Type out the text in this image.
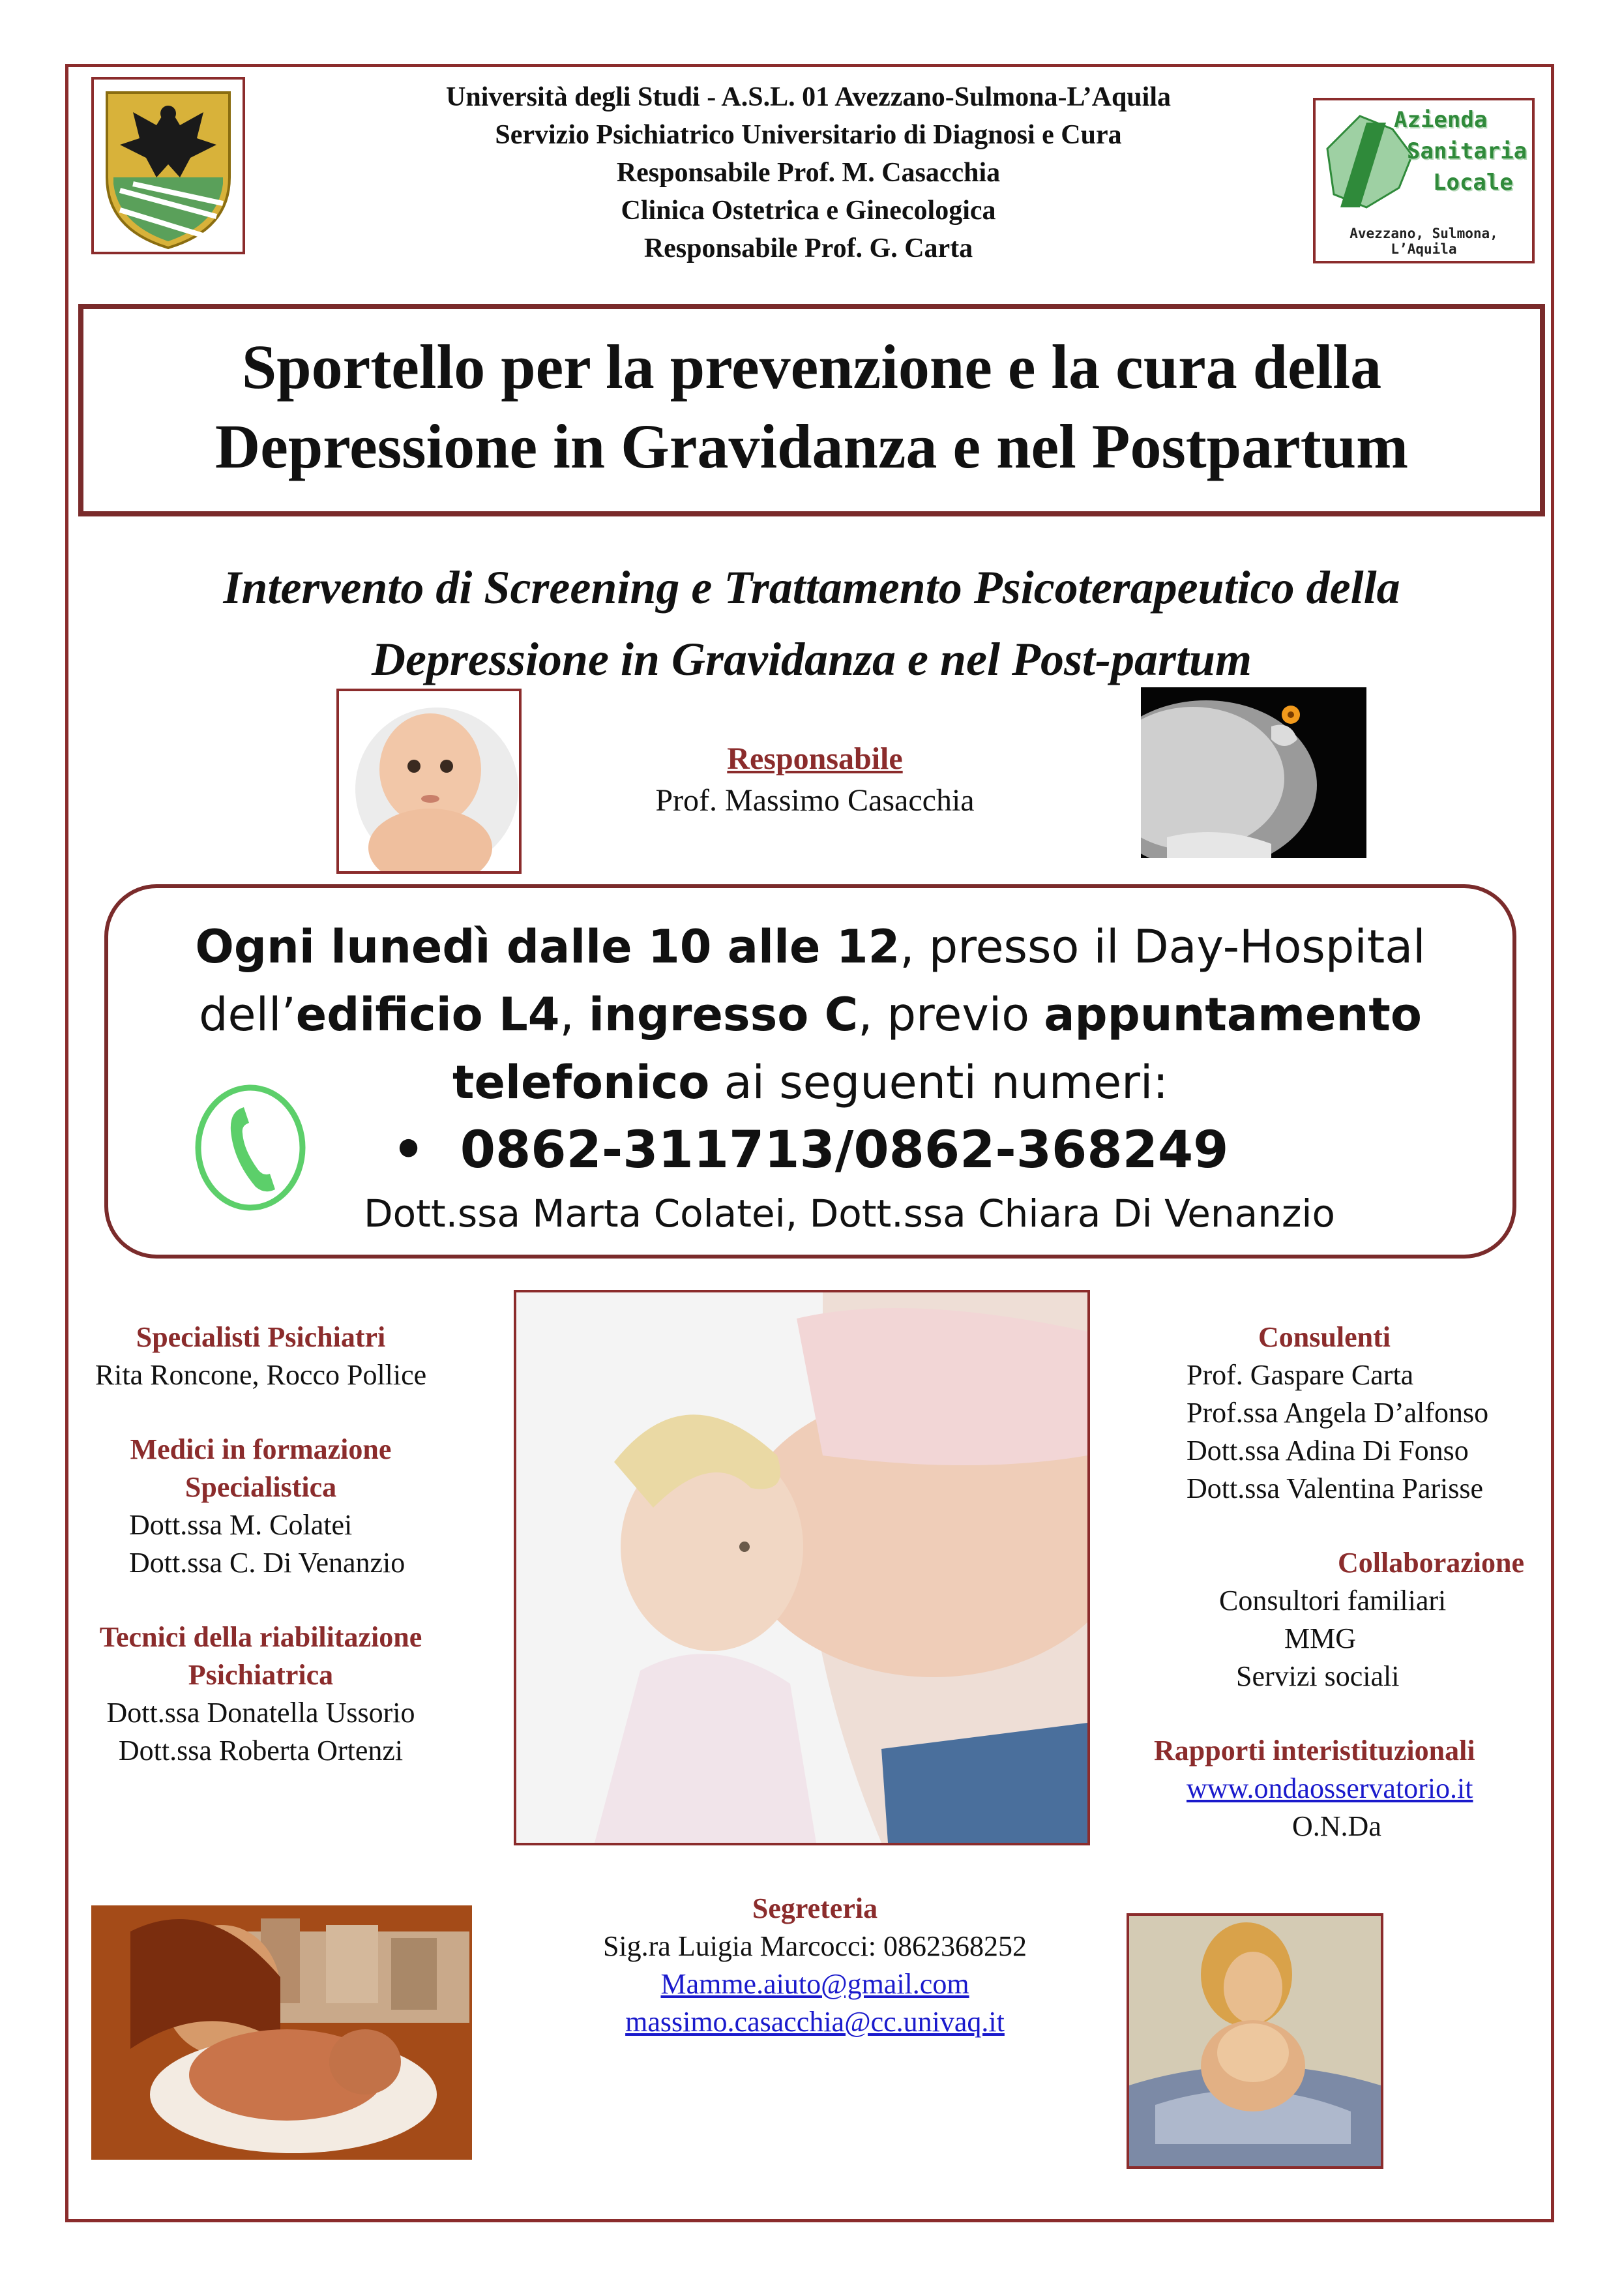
Università degli Studi - A.S.L. 01 Avezzano-Sulmona-L’Aquila
Servizio Psichiatrico Universitario di Diagnosi e Cura
Responsabile Prof. M. Casacchia
Clinica Ostetrica e Ginecologica
Responsabile Prof. G. Carta
Azienda
Sanitaria
Locale
Avezzano, Sulmona, L’Aquila
Sportello per la prevenzione e la cura della
Depressione in Gravidanza e nel Postpartum
Intervento di Screening e Trattamento Psicoterapeutico della
Depressione in Gravidanza e nel Post-partum
Responsabile
Prof. Massimo Casacchia
Ogni lunedì dalle 10 alle 12, presso il Day-Hospital
dell’edificio L4, ingresso C, previo appuntamento
telefonico ai seguenti numeri:
• 0862-311713/0862-368249
Dott.ssa Marta Colatei, Dott.ssa Chiara Di Venanzio
Specialisti Psichiatri
Rita Roncone, Rocco Pollice
Medici in formazione
Specialistica
Dott.ssa M. Colatei
Dott.ssa C. Di Venanzio
Tecnici della riabilitazione
Psichiatrica
Dott.ssa Donatella Ussorio
Dott.ssa Roberta Ortenzi
Consulenti
Prof. Gaspare Carta
Prof.ssa Angela D’alfonso
Dott.ssa Adina Di Fonso
Dott.ssa Valentina Parisse
Collaborazione
Consultori familiari
MMG
Servizi sociali
Rapporti interistituzionali
www.ondaosservatorio.it
O.N.Da
Segreteria
Sig.ra Luigia Marcocci: 0862368252
Mamme.aiuto@gmail.com
massimo.casacchia@cc.univaq.it
